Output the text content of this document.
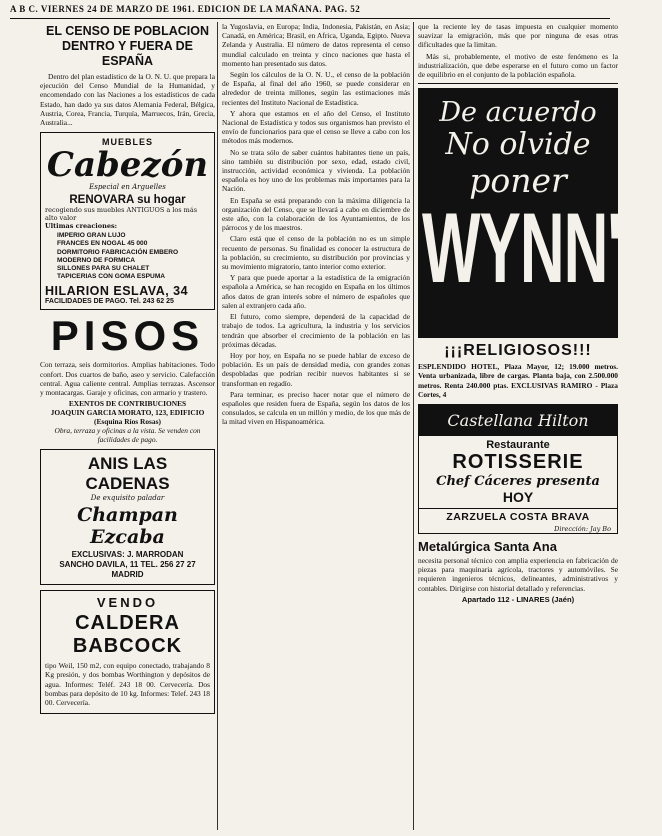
A B C. VIERNES 24 DE MARZO DE 1961. EDICION DE LA MAÑANA. PAG. 52
EL CENSO DE POBLACION DENTRO Y FUERA DE ESPAÑA

Dentro del plan estadístico de la O. N. U. que prepara la ejecución del Censo Mundial de la Humanidad, y encomendado con las Naciones a los estadísticos de cada Estado, han dado ya sus datos Alemania Federal, Bélgica, Austria, Corea, Francia, Turquía, Marruecos, Irán, Grecia, Australia...

MUEBLES
Cabezón
Especial en Arguelles
RENOVARA su hogar
recogiendo sus muebles ANTIGUOS a los más alto valor
Ultimas creaciones:
IMPERIO GRAN LUJO
FRANCES EN NOGAL 45 000
DORMITORIO FABRICACIÓN EMBERO
MODERNO DE FORMICA
SILLONES PARA SU CHALET
TAPICERIAS CON GOMA ESPUMA
HILARION ESLAVA, 34
FACILIDADES DE PAGO. Tel. 243 62 25
PISOS

Con terraza, seis dormitorios. Amplias habitaciones. Todo confort. Dos cuartos de baño, aseo y servicio. Calefacción central. Agua caliente central. Amplias terrazas. Ascensor y montacargas. Garaje y oficinas, con armario y trastero.

EXENTOS DE CONTRIBUCIONES
JOAQUIN GARCIA MORATO, 123, EDIFICIO (Esquina Ríos Rosas)
Obra, terraza y oficinas a la vista. Se venden con facilidades de pago.
ANIS LAS CADENAS
De exquisito paladar
Champan Ezcaba
EXCLUSIVAS: J. MARRODAN
SANCHO DAVILA, 11 TEL. 256 27 27
MADRID
VENDO
CALDERA BABCOCK

tipo Weil, 150 m2, con equipo conectado, trabajando 8 Kg presión, y dos bombas Worthington y depósitos de agua. Informes: Teléf. 243 18 00. Cervecería. Dos bombas para depósito de 10 kg. Informes: Telef. 243 18 00. Cervecería.

la Yugoslavia, en Europa; India, Indonesia, Pakistán, en Asia; Canadá, en América; Brasil, en Africa, Uganda, Egipto. Nueva Zelanda y Australia. El número de datos representa el censo mundial calculado en treinta y cinco naciones que hasta el momento han presentado sus datos.

Según los cálculos de la O. N. U., el censo de la población de España, al final del año 1960, se puede considerar en alrededor de treinta millones, según las estimaciones más recientes del Instituto Nacional de Estadística.

Y ahora que estamos en el año del Censo, el Instituto Nacional de Estadística y todos sus organismos han previsto el envío de funcionarios para que el censo se lleve a cabo con los métodos más modernos.

No se trata sólo de saber cuántos habitantes tiene un país, sino también su distribución por sexo, edad, estado civil, instrucción, actividad económica y vivienda. La población española es hoy uno de los problemas más importantes para la Nación.

En España se está preparando con la máxima diligencia la organización del Censo, que se llevará a cabo en diciembre de este año, con la colaboración de los Ayuntamientos, de los párrocos y de los maestros.

Claro está que el censo de la población no es un simple recuento de personas. Su finalidad es conocer la estructura de la población, su crecimiento, su distribución por provincias y su movimiento migratorio, tanto interior como exterior.

Y para que puede aportar a la estadística de la emigración española a América, se han recogido en España en los últimos años datos de gran interés sobre el número de españoles que salen al extranjero cada año.

El futuro, como siempre, dependerá de la capacidad de trabajo de todos. La agricultura, la industria y los servicios tendrán que absorber el crecimiento de la población en las próximas décadas.

Hoy por hoy, en España no se puede hablar de exceso de población. Es un país de densidad media, con grandes zonas despobladas que podrían recibir nuevos habitantes si se transforman en regadío.

Para terminar, es preciso hacer notar que el número de españoles que residen fuera de España, según los datos de los consulados, se calcula en un millón y medio, de los que más de la mitad viven en Hispanoamérica.

que la reciente ley de tasas impuesta en cualquier momento suavizar la emigración, más que por ninguna de esas otras dificultades que la limitan.

Más si, probablemente, el motivo de este fenómeno es la industrialización, que debe esperarse en el futuro como un factor de equilibrio en el conjunto de la población española.

De acuerdo
No olvide
poner
WYNN'S
¡¡¡RELIGIOSOS!!!

ESPLENDIDO HOTEL, Plaza Mayor, 12; 19.000 metros. Venta urbanizada, libre de cargas. Planta baja, con 2.500.000 metros. Renta 240.000 ptas. EXCLUSIVAS RAMIRO - Plaza Cortes, 4

Castellana Hilton
Restaurante
ROTISSERIE
Chef Cáceres presenta
HOY
ZARZUELA COSTA BRAVA
Dirección: Jay Bo
Metalúrgica Santa Ana

necesita personal técnico con amplia experiencia en fabricación de piezas para maquinaria agrícola, tractores y automóviles. Se requieren ingenieros técnicos, delineantes, administrativos y contables. Dirigirse con historial detallado y referencias.

Apartado 112 - LINARES (Jaén)
